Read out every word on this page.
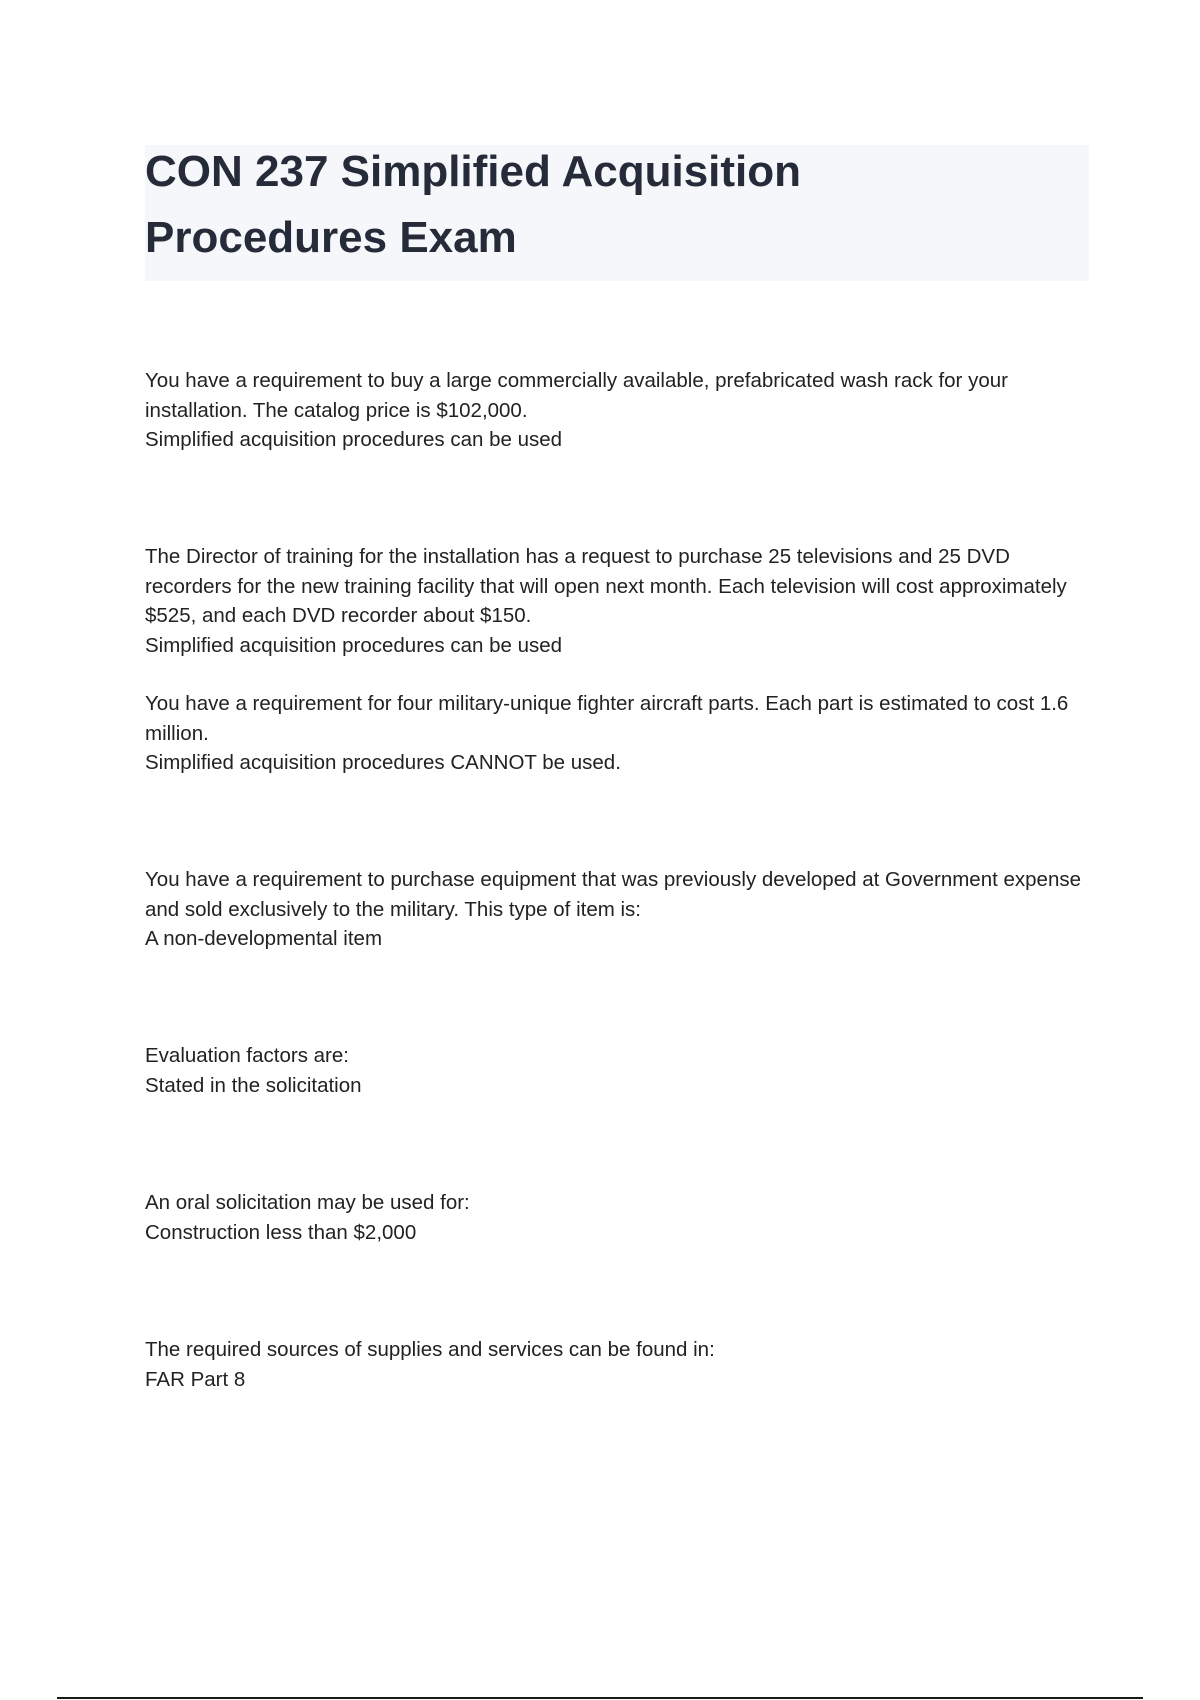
CON 237 Simplified Acquisition
Procedures Exam

You have a requirement to buy a large commercially available, prefabricated wash rack for your installation. The catalog price is $102,000.

Simplified acquisition procedures can be used

The Director of training for the installation has a request to purchase 25 televisions and 25 DVD recorders for the new training facility that will open next month. Each television will cost approximately $525, and each DVD recorder about $150.

Simplified acquisition procedures can be used

You have a requirement for four military-unique fighter aircraft parts. Each part is estimated to cost 1.6 million.

Simplified acquisition procedures CANNOT be used.

You have a requirement to purchase equipment that was previously developed at Government expense and sold exclusively to the military. This type of item is:

A non-developmental item

Evaluation factors are:

Stated in the solicitation

An oral solicitation may be used for:

Construction less than $2,000

The required sources of supplies and services can be found in:

FAR Part 8
